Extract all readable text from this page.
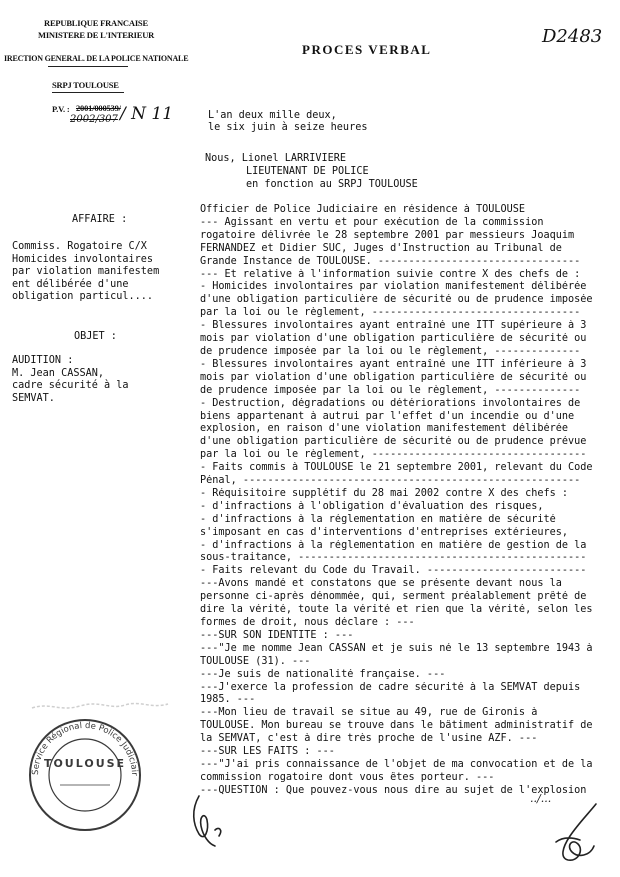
REPUBLIQUE FRANCAISE
MINISTERE DE L'INTERIEUR
IRECTION GENERAL. DE LA POLICE NATIONALE
SRPJ TOULOUSE
P.V. : 2001/000539/
2002/307 / N 11
D2483
PROCES VERBAL
L'an deux mille deux,
le six juin à seize heures
Nous, Lionel LARRIVIERE
LIEUTENANT DE POLICE
en fonction au SRPJ TOULOUSE
AFFAIRE :
Commiss. Rogatoire C/X
Homicides involontaires
par violation manifestem
ent délibérée d'une
obligation particul....
OBJET :
AUDITION :
M. Jean CASSAN,
cadre sécurité à la
SEMVAT.
Officier de Police Judiciaire en résidence à TOULOUSE
--- Agissant en vertu et pour exécution de la commission
rogatoire délivrée le 28 septembre 2001 par messieurs Joaquim
FERNANDEZ et Didier SUC, Juges d'Instruction au Tribunal de
Grande Instance de TOULOUSE. ---------------------------------
--- Et relative à l'information suivie contre X des chefs de :
- Homicides involontaires par violation manifestement délibérée
d'une obligation particulière de sécurité ou de prudence imposée
par la loi ou le règlement, ----------------------------------
- Blessures involontaires ayant entraîné une ITT supérieure à 3
mois par violation d'une obligation particulière de sécurité ou
de prudence imposée par la loi ou le règlement, --------------
- Blessures involontaires ayant entraîné une ITT inférieure à 3
mois par violation d'une obligation particulière de sécurité ou
de prudence imposée par la loi ou le règlement, --------------
- Destruction, dégradations ou détériorations involontaires de
biens appartenant à autrui par l'effet d'un incendie ou d'une
explosion, en raison d'une violation manifestement délibérée
d'une obligation particulière de sécurité ou de prudence prévue
par la loi ou le règlement, -----------------------------------
- Faits commis à TOULOUSE le 21 septembre 2001, relevant du Code
Pénal, -------------------------------------------------------
- Réquisitoire supplétif du 28 mai 2002 contre X des chefs :
- d'infractions à l'obligation d'évaluation des risques,
- d'infractions à la réglementation en matière de sécurité
s'imposant en cas d'interventions d'entreprises extérieures,
- d'infractions à la réglementation en matière de gestion de la
sous-traitance, -----------------------------------------------
- Faits relevant du Code du Travail. --------------------------
---Avons mandé et constatons que se présente devant nous la
personne ci-après dénommée, qui, serment préalablement prêté de
dire la vérité, toute la vérité et rien que la vérité, selon les
formes de droit, nous déclare : ---
---SUR SON IDENTITE : ---
---"Je me nomme Jean CASSAN et je suis né le 13 septembre 1943 à
TOULOUSE (31). ---
---Je suis de nationalité française. ---
---J'exerce la profession de cadre sécurité à la SEMVAT depuis
1985. ---
---Mon lieu de travail se situe au 49, rue de Gironis à
TOULOUSE. Mon bureau se trouve dans le bâtiment administratif de
la SEMVAT, c'est à dire très proche de l'usine AZF. ---
---SUR LES FAITS : ---
---"J'ai pris connaissance de l'objet de ma convocation et de la
commission rogatoire dont vous êtes porteur. ---
---QUESTION : Que pouvez-vous nous dire au sujet de l'explosion
../...
Service Régional de Police Judiciair
TOULOUSE
